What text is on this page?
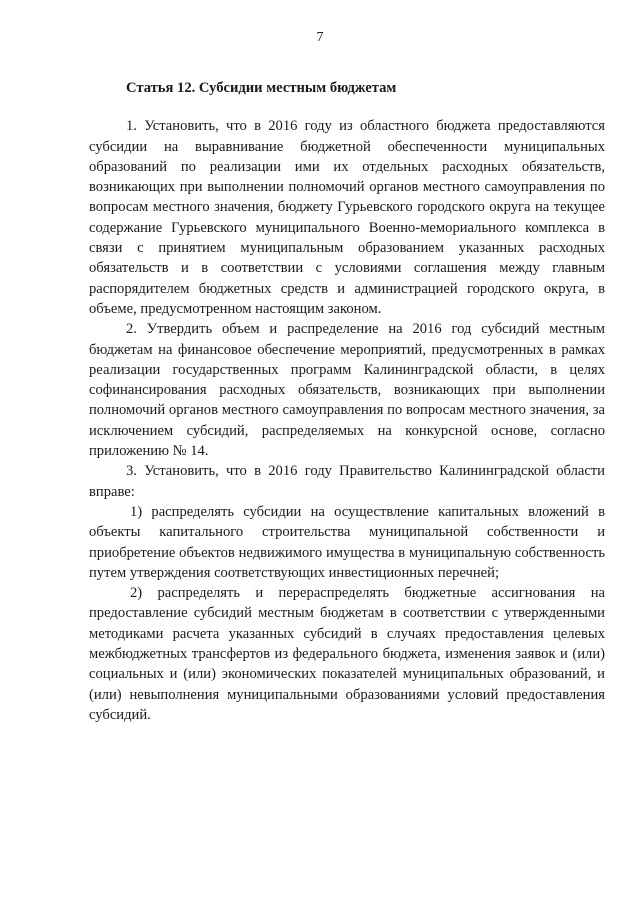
7
Статья 12. Субсидии местным бюджетам

1. Установить, что в 2016 году из областного бюджета предоставляются субсидии на выравнивание бюджетной обеспеченности муниципальных образований по реализации ими их отдельных расходных обязательств, возникающих при выполнении полномочий органов местного самоуправления по вопросам местного значения, бюджету Гурьевского городского округа на текущее содержание Гурьевского муниципального Военно-мемориального комплекса в связи с принятием муниципальным образованием указанных расходных обязательств и в соответствии с условиями соглашения между главным распорядителем бюджетных средств и администрацией городского округа, в объеме, предусмотренном настоящим законом.

2. Утвердить объем и распределение на 2016 год субсидий местным бюджетам на финансовое обеспечение мероприятий, предусмотренных в рамках реализации государственных программ Калининградской области, в целях софинансирования расходных обязательств, возникающих при выполнении полномочий органов местного самоуправления по вопросам местного значения, за исключением субсидий, распределяемых на конкурсной основе, согласно приложению № 14.

3. Установить, что в 2016 году Правительство Калининградской области вправе:

1) распределять субсидии на осуществление капитальных вложений в объекты капитального строительства муниципальной собственности и приобретение объектов недвижимого имущества в муниципальную собственность путем утверждения соответствующих инвестиционных перечней;

2) распределять и перераспределять бюджетные ассигнования на предоставление субсидий местным бюджетам в соответствии с утвержденными методиками расчета указанных субсидий в случаях предоставления целевых межбюджетных трансфертов из федерального бюджета, изменения заявок и (или) социальных и (или) экономических показателей муниципальных образований, и (или) невыполнения муниципальными образованиями условий предоставления субсидий.
